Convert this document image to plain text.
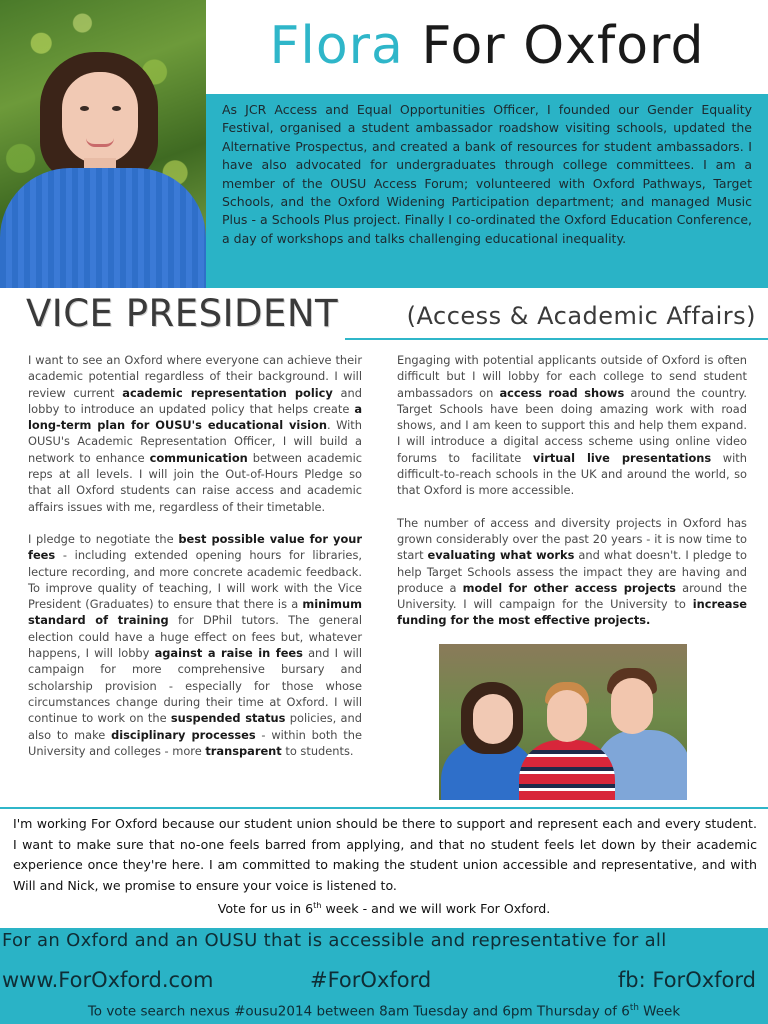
Flora For Oxford

As JCR Access and Equal Opportunities Officer, I founded our Gender Equality Festival, organised a student ambassador roadshow visiting schools, updated the Alternative Prospectus, and created a bank of resources for student ambassadors. I have also advocated for undergraduates through college committees. I am a member of the OUSU Access Forum; volunteered with Oxford Pathways, Target Schools, and the Oxford Widening Participation department; and managed Music Plus - a Schools Plus project. Finally I co-ordinated the Oxford Education Conference, a day of workshops and talks challenging educational inequality.

VICE PRESIDENT	(Access & Academic Affairs)

I want to see an Oxford where everyone can achieve their academic potential regardless of their background. I will review current academic representation policy and lobby to introduce an updated policy that helps create a long-term plan for OUSU's educational vision. With OUSU's Academic Representation Officer, I will build a network to enhance communication between academic reps at all levels. I will join the Out-of-Hours Pledge so that all Oxford students can raise access and academic affairs issues with me, regardless of their timetable.

I pledge to negotiate the best possible value for your fees - including extended opening hours for libraries, lecture recording, and more concrete academic feedback. To improve quality of teaching, I will work with the Vice President (Graduates) to ensure that there is a minimum standard of training for DPhil tutors. The general election could have a huge effect on fees but, whatever happens, I will lobby against a raise in fees and I will campaign for more comprehensive bursary and scholarship provision - especially for those whose circumstances change during their time at Oxford. I will continue to work on the suspended status policies, and also to make disciplinary processes - within both the University and colleges - more transparent to students.

Engaging with potential applicants outside of Oxford is often difficult but I will lobby for each college to send student ambassadors on access road shows around the country. Target Schools have been doing amazing work with road shows, and I am keen to support this and help them expand. I will introduce a digital access scheme using online video forums to facilitate virtual live presentations with difficult-to-reach schools in the UK and around the world, so that Oxford is more accessible.

The number of access and diversity projects in Oxford has grown considerably over the past 20 years - it is now time to start evaluating what works and what doesn't. I pledge to help Target Schools assess the impact they are having and produce a model for other access projects around the University. I will campaign for the University to increase funding for the most effective projects.

I'm working For Oxford because our student union should be there to support and represent each and every student. I want to make sure that no-one feels barred from applying, and that no student feels let down by their academic experience once they're here. I am committed to making the student union accessible and representative, and with Will and Nick, we promise to ensure your voice is listened to.

Vote for us in 6th week - and we will work For Oxford.
For an Oxford and an OUSU that is accessible and representative for all
www.ForOxford.com	#ForOxford	fb: ForOxford
To vote search nexus #ousu2014 between 8am Tuesday and 6pm Thursday of 6th Week
